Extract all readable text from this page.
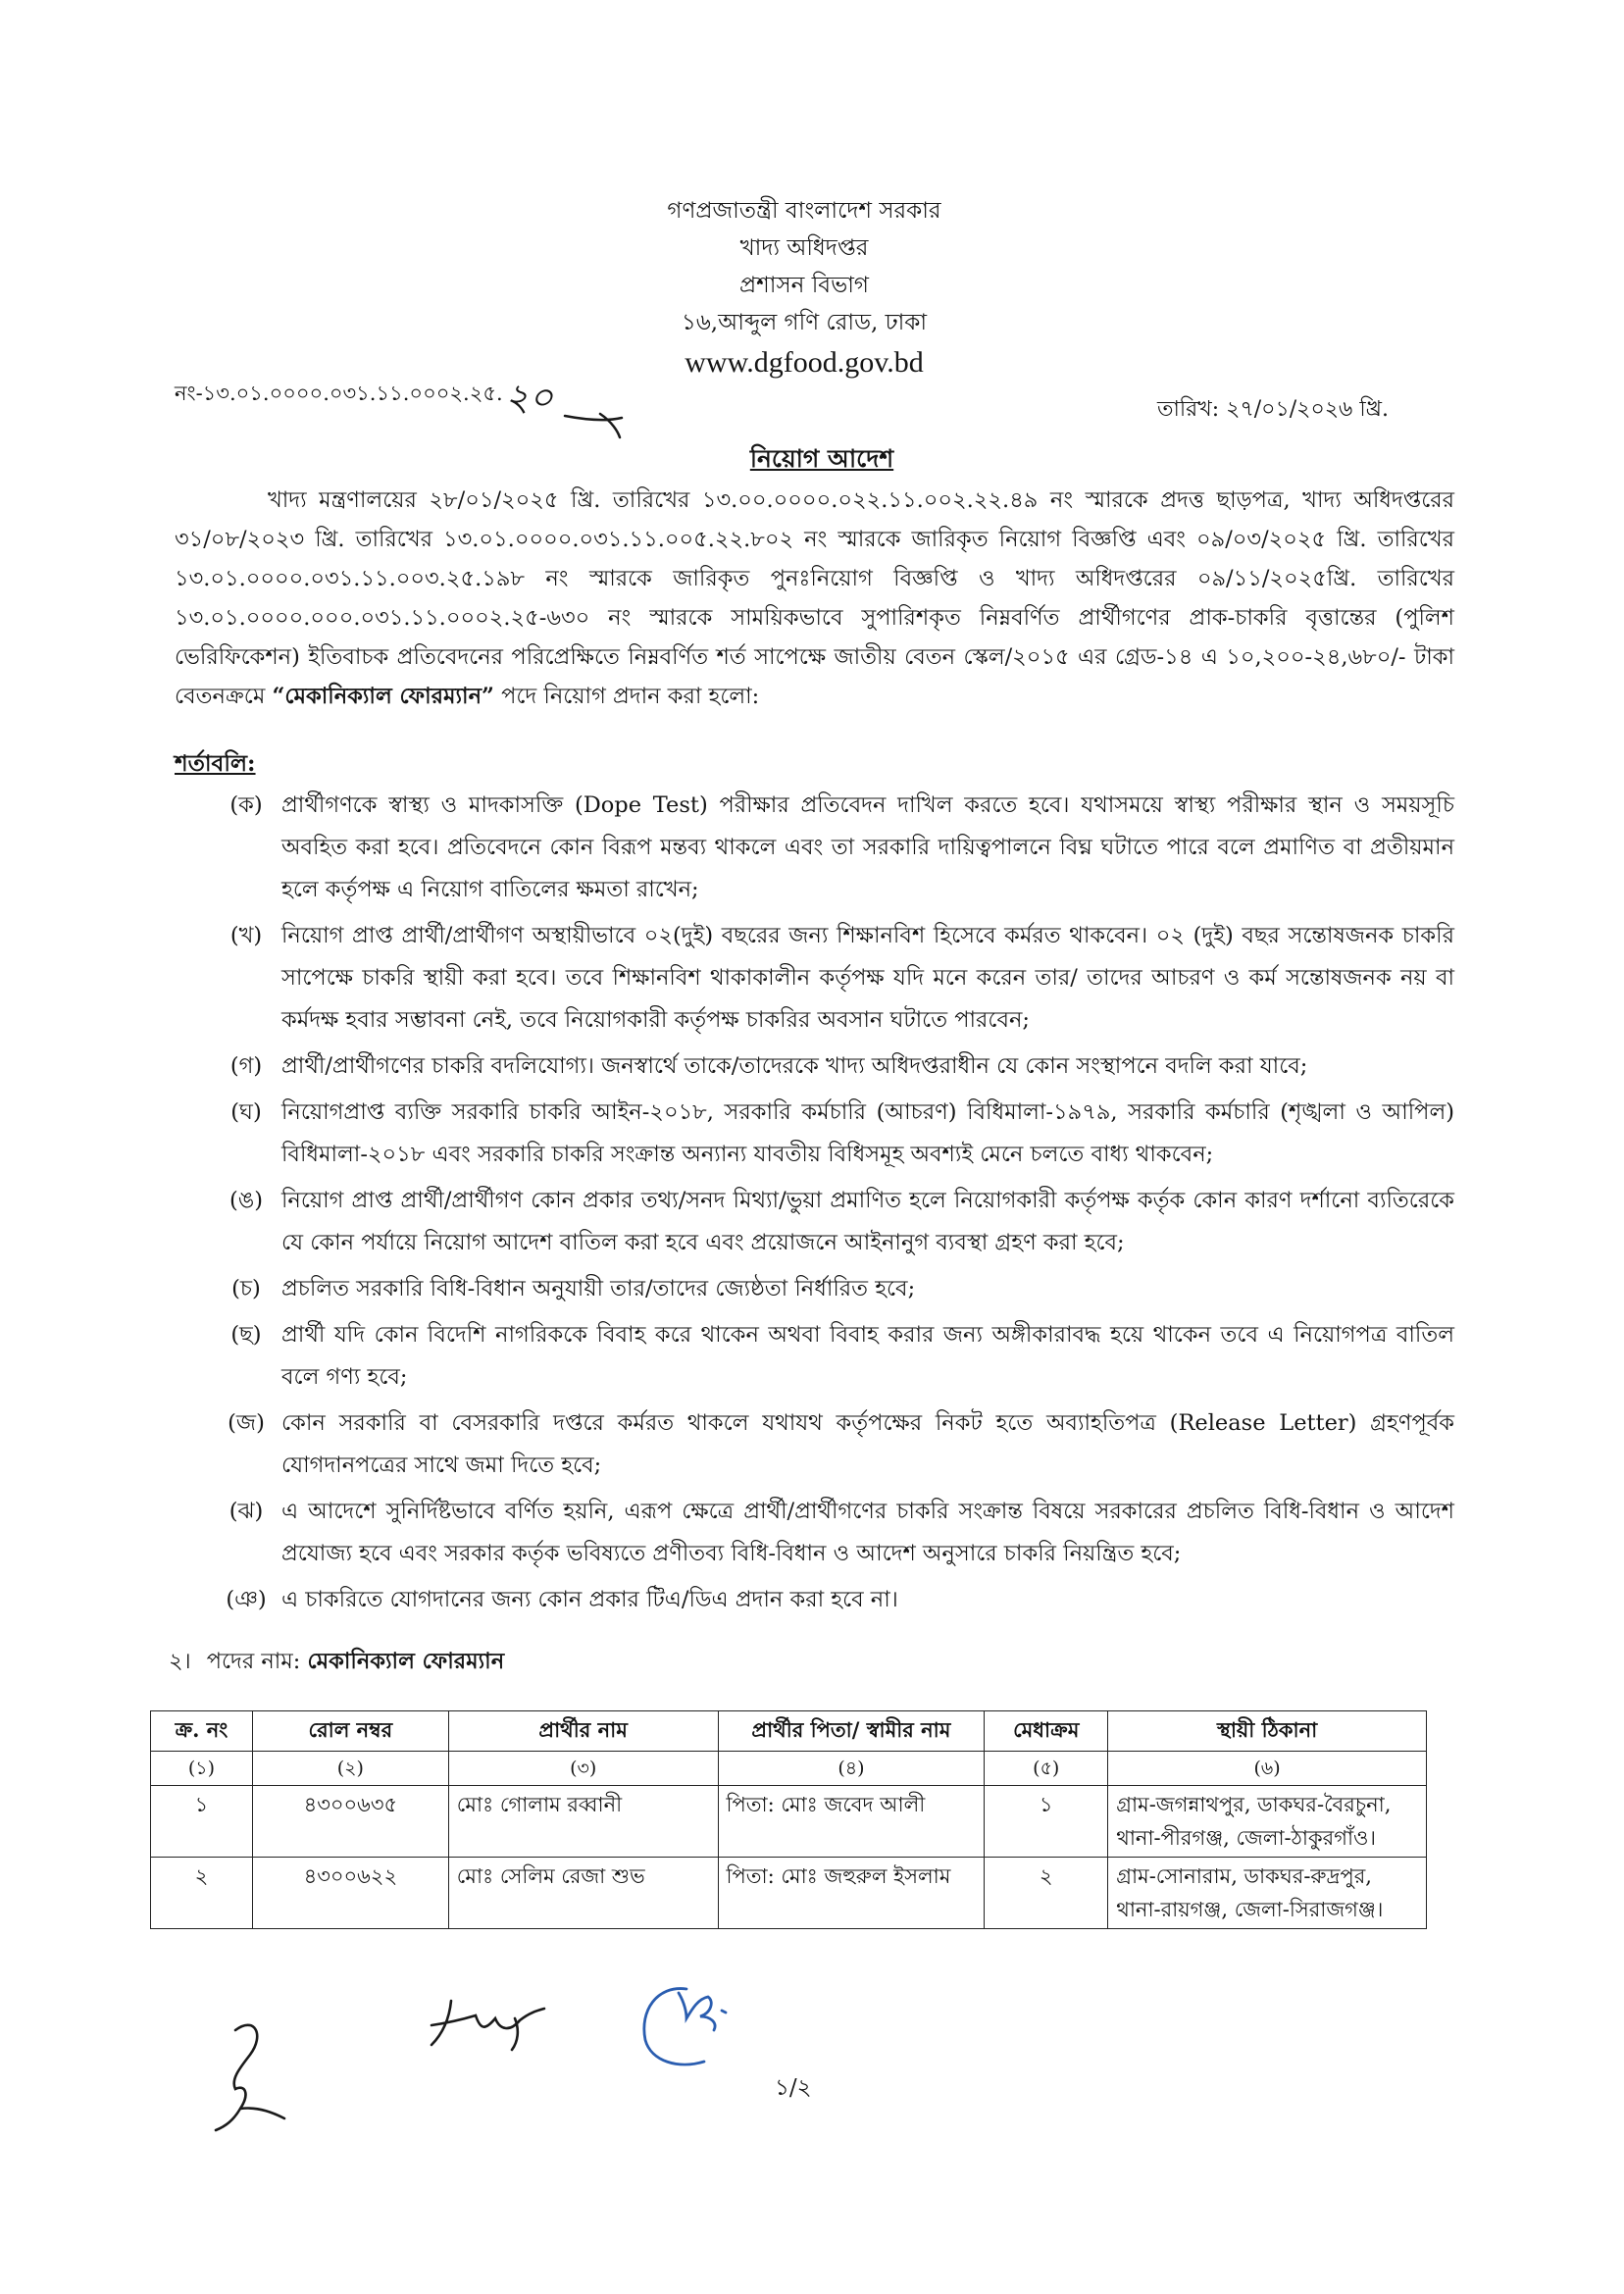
গণপ্রজাতন্ত্রী বাংলাদেশ সরকার
খাদ্য অধিদপ্তর
প্রশাসন বিভাগ
১৬,আব্দুল গণি রোড, ঢাকা
www.dgfood.gov.bd
নং-১৩.০১.০০০০.০৩১.১১.০০০২.২৫. ২০	তারিখ: ২৭/০১/২০২৬ খ্রি.
নিয়োগ আদেশ

খাদ্য মন্ত্রণালয়ের ২৮/০১/২০২৫ খ্রি. তারিখের ১৩.০০.০০০০.০২২.১১.০০২.২২.৪৯ নং স্মারকে প্রদত্ত ছাড়পত্র, খাদ্য অধিদপ্তরের ৩১/০৮/২০২৩ খ্রি. তারিখের ১৩.০১.০০০০.০৩১.১১.০০৫.২২.৮০২ নং স্মারকে জারিকৃত নিয়োগ বিজ্ঞপ্তি এবং ০৯/০৩/২০২৫ খ্রি. তারিখের ১৩.০১.০০০০.০৩১.১১.০০৩.২৫.১৯৮ নং স্মারকে জারিকৃত পুনঃনিয়োগ বিজ্ঞপ্তি ও খাদ্য অধিদপ্তরের ০৯/১১/২০২৫খ্রি. তারিখের ১৩.০১.০০০০.০০০.০৩১.১১.০০০২.২৫-৬৩০ নং স্মারকে সাময়িকভাবে সুপারিশকৃত নিম্নবর্ণিত প্রার্থীগণের প্রাক-চাকরি বৃত্তান্তের (পুলিশ ভেরিফিকেশন) ইতিবাচক প্রতিবেদনের পরিপ্রেক্ষিতে নিম্নবর্ণিত শর্ত সাপেক্ষে জাতীয় বেতন স্কেল/২০১৫ এর গ্রেড-১৪ এ ১০,২০০-২৪,৬৮০/- টাকা বেতনক্রমে “মেকানিক্যাল ফোরম্যান” পদে নিয়োগ প্রদান করা হলো:

শর্তাবলি:
(ক) প্রার্থীগণকে স্বাস্থ্য ও মাদকাসক্তি (Dope Test) পরীক্ষার প্রতিবেদন দাখিল করতে হবে। যথাসময়ে স্বাস্থ্য পরীক্ষার স্থান ও সময়সূচি অবহিত করা হবে। প্রতিবেদনে কোন বিরূপ মন্তব্য থাকলে এবং তা সরকারি দায়িত্বপালনে বিঘ্ন ঘটাতে পারে বলে প্রমাণিত বা প্রতীয়মান হলে কর্তৃপক্ষ এ নিয়োগ বাতিলের ক্ষমতা রাখেন;
(খ) নিয়োগ প্রাপ্ত প্রার্থী/প্রার্থীগণ অস্থায়ীভাবে ০২(দুই) বছরের জন্য শিক্ষানবিশ হিসেবে কর্মরত থাকবেন। ০২ (দুই) বছর সন্তোষজনক চাকরি সাপেক্ষে চাকরি স্থায়ী করা হবে। তবে শিক্ষানবিশ থাকাকালীন কর্তৃপক্ষ যদি মনে করেন তার/ তাদের আচরণ ও কর্ম সন্তোষজনক নয় বা কর্মদক্ষ হবার সম্ভাবনা নেই, তবে নিয়োগকারী কর্তৃপক্ষ চাকরির অবসান ঘটাতে পারবেন;
(গ) প্রার্থী/প্রার্থীগণের চাকরি বদলিযোগ্য। জনস্বার্থে তাকে/তাদেরকে খাদ্য অধিদপ্তরাধীন যে কোন সংস্থাপনে বদলি করা যাবে;
(ঘ) নিয়োগপ্রাপ্ত ব্যক্তি সরকারি চাকরি আইন-২০১৮, সরকারি কর্মচারি (আচরণ) বিধিমালা-১৯৭৯, সরকারি কর্মচারি (শৃঙ্খলা ও আপিল) বিধিমালা-২০১৮ এবং সরকারি চাকরি সংক্রান্ত অন্যান্য যাবতীয় বিধিসমূহ অবশ্যই মেনে চলতে বাধ্য থাকবেন;
(ঙ) নিয়োগ প্রাপ্ত প্রার্থী/প্রার্থীগণ কোন প্রকার তথ্য/সনদ মিথ্যা/ভুয়া প্রমাণিত হলে নিয়োগকারী কর্তৃপক্ষ কর্তৃক কোন কারণ দর্শানো ব্যতিরেকে যে কোন পর্যায়ে নিয়োগ আদেশ বাতিল করা হবে এবং প্রয়োজনে আইনানুগ ব্যবস্থা গ্রহণ করা হবে;
(চ) প্রচলিত সরকারি বিধি-বিধান অনুযায়ী তার/তাদের জ্যেষ্ঠতা নির্ধারিত হবে;
(ছ) প্রার্থী যদি কোন বিদেশি নাগরিককে বিবাহ করে থাকেন অথবা বিবাহ করার জন্য অঙ্গীকারাবদ্ধ হয়ে থাকেন তবে এ নিয়োগপত্র বাতিল বলে গণ্য হবে;
(জ) কোন সরকারি বা বেসরকারি দপ্তরে কর্মরত থাকলে যথাযথ কর্তৃপক্ষের নিকট হতে অব্যাহতিপত্র (Release Letter) গ্রহণপূর্বক যোগদানপত্রের সাথে জমা দিতে হবে;
(ঝ) এ আদেশে সুনির্দিষ্টভাবে বর্ণিত হয়নি, এরূপ ক্ষেত্রে প্রার্থী/প্রার্থীগণের চাকরি সংক্রান্ত বিষয়ে সরকারের প্রচলিত বিধি-বিধান ও আদেশ প্রযোজ্য হবে এবং সরকার কর্তৃক ভবিষ্যতে প্রণীতব্য বিধি-বিধান ও আদেশ অনুসারে চাকরি নিয়ন্ত্রিত হবে;
(ঞ) এ চাকরিতে যোগদানের জন্য কোন প্রকার টিএ/ডিএ প্রদান করা হবে না।
২। পদের নাম: মেকানিক্যাল ফোরম্যান
ক্র. নং	রোল নম্বর	প্রার্থীর নাম	প্রার্থীর পিতা/ স্বামীর নাম	মেধাক্রম	স্থায়ী ঠিকানা
(১)	(২)	(৩)	(৪)	(৫)	(৬)
১	৪৩০০৬৩৫	মোঃ গোলাম রব্বানী	পিতা: মোঃ জবেদ আলী	১	গ্রাম-জগন্নাথপুর, ডাকঘর-বৈরচুনা, থানা-পীরগঞ্জ, জেলা-ঠাকুরগাঁও।
২	৪৩০০৬২২	মোঃ সেলিম রেজা শুভ	পিতা: মোঃ জহুরুল ইসলাম	২	গ্রাম-সোনারাম, ডাকঘর-রুদ্রপুর, থানা-রায়গঞ্জ, জেলা-সিরাজগঞ্জ।
১/২
